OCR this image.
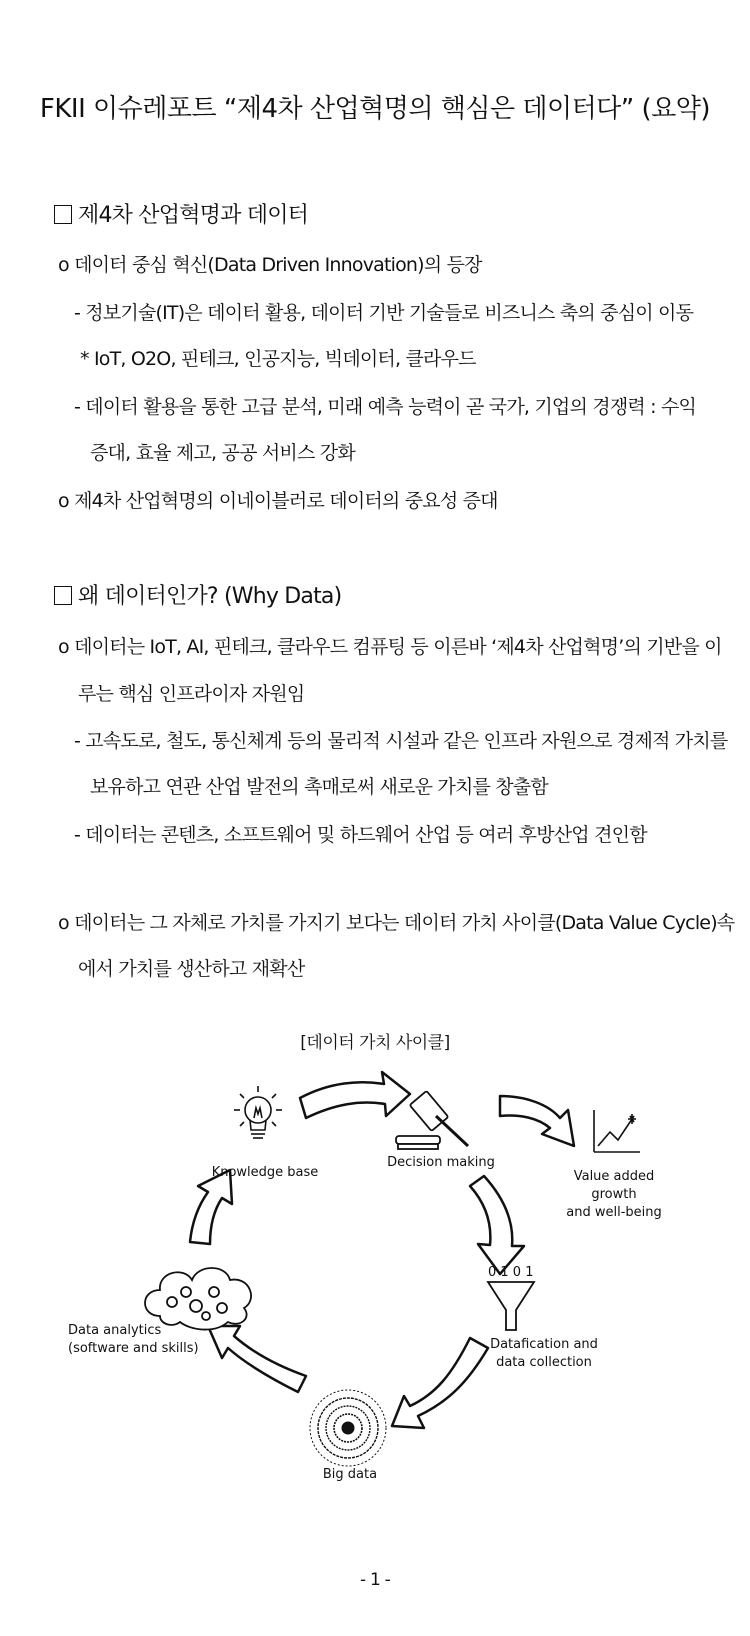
FKII 이슈레포트 “제4차 산업혁명의 핵심은 데이터다” (요약)
제4차 산업혁명과 데이터
o 데이터 중심 혁신(Data Driven Innovation)의 등장
- 정보기술(IT)은 데이터 활용, 데이터 기반 기술들로 비즈니스 축의 중심이 이동
* IoT, O2O, 핀테크, 인공지능, 빅데이터, 클라우드
- 데이터 활용을 통한 고급 분석, 미래 예측 능력이 곧 국가, 기업의 경쟁력 : 수익
증대, 효율 제고, 공공 서비스 강화
o 제4차 산업혁명의 이네이블러로 데이터의 중요성 증대
왜 데이터인가? (Why Data)
o 데이터는 IoT, AI, 핀테크, 클라우드 컴퓨팅 등 이른바 ‘제4차 산업혁명’의 기반을 이
루는 핵심 인프라이자 자원임
- 고속도로, 철도, 통신체계 등의 물리적 시설과 같은 인프라 자원으로 경제적 가치를
보유하고 연관 산업 발전의 촉매로써 새로운 가치를 창출함
- 데이터는 콘텐츠, 소프트웨어 및 하드웨어 산업 등 여러 후방산업 견인함
o 데이터는 그 자체로 가치를 가지기 보다는 데이터 가치 사이클(Data Value Cycle)속
에서 가치를 생산하고 재확산
[데이터 가치 사이클]
0 1 0 1
Knowledge base
Decision making
Value added
growth
and well-being
Datafication and
data collection
Big data
Data analytics
(software and skills)
- 1 -
